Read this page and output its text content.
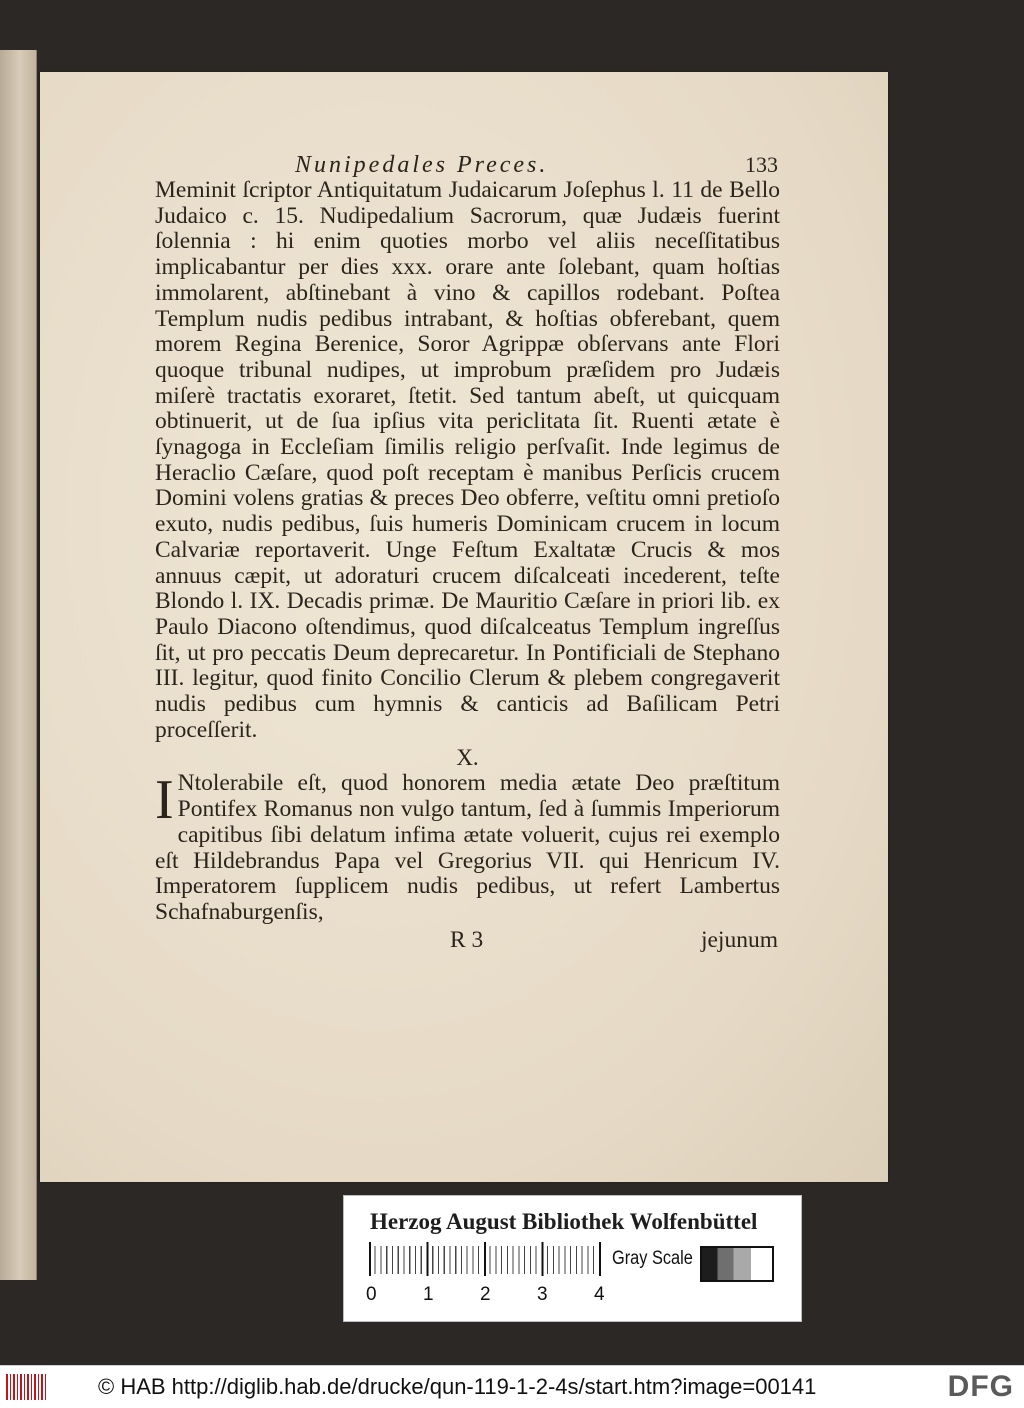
Nunipedales Preces.	133

Meminit ſcriptor Antiquitatum Judaicarum Joſephus l. 11 de Bello Judaico c. 15. Nudipedalium Sacrorum, quæ Judæis fuerint ſolennia : hi enim quoties morbo vel aliis neceſſitatibus implicabantur per dies xxx. orare ante ſolebant, quam hoſtias immolarent, abſtinebant à vino & capillos rodebant. Poſtea Templum nudis pedibus intrabant, & hoſtias obferebant, quem morem Regina Berenice, Soror Agrippæ obſervans ante Flori quoque tribunal nudipes, ut improbum præſidem pro Judæis miſerè tractatis exoraret, ſtetit. Sed tantum abeſt, ut quicquam obtinuerit, ut de ſua ipſius vita periclitata ſit. Ruenti ætate è ſynagoga in Eccleſiam ſimilis religio perſvaſit. Inde legimus de Heraclio Cæſare, quod poſt receptam è manibus Perſicis crucem Domini volens gratias & preces Deo obferre, veſtitu omni pretioſo exuto, nudis pedibus, ſuis humeris Dominicam crucem in locum Calvariæ reportaverit. Unge Feſtum Exaltatæ Crucis & mos annuus cæpit, ut adoraturi crucem diſcalceati incederent, teſte Blondo l. IX. Decadis primæ. De Mauritio Cæſare in priori lib. ex Paulo Diacono oſtendimus, quod diſcalceatus Templum ingreſſus ſit, ut pro peccatis Deum deprecaretur. In Pontificiali de Stephano III. legitur, quod finito Concilio Clerum & plebem congregaverit nudis pedibus cum hymnis & canticis ad Baſilicam Petri proceſſerit.

X.

I Ntolerabile eſt, quod honorem media ætate Deo præſtitum Pontifex Romanus non vulgo tantum, ſed à ſummis Imperiorum capitibus ſibi delatum infima ætate voluerit, cujus rei exemplo eſt Hildebrandus Papa vel Gregorius VII. qui Henricum IV. Imperatorem ſupplicem nudis pedibus, ut refert Lambertus Schafnaburgenſis,

R 3	jejunum
Herzog August Bibliothek Wolfenbüttel
0 1 2 3 4
Gray Scale
© HAB http://diglib.hab.de/drucke/qun-119-1-2-4s/start.htm?image=00141	DFG
